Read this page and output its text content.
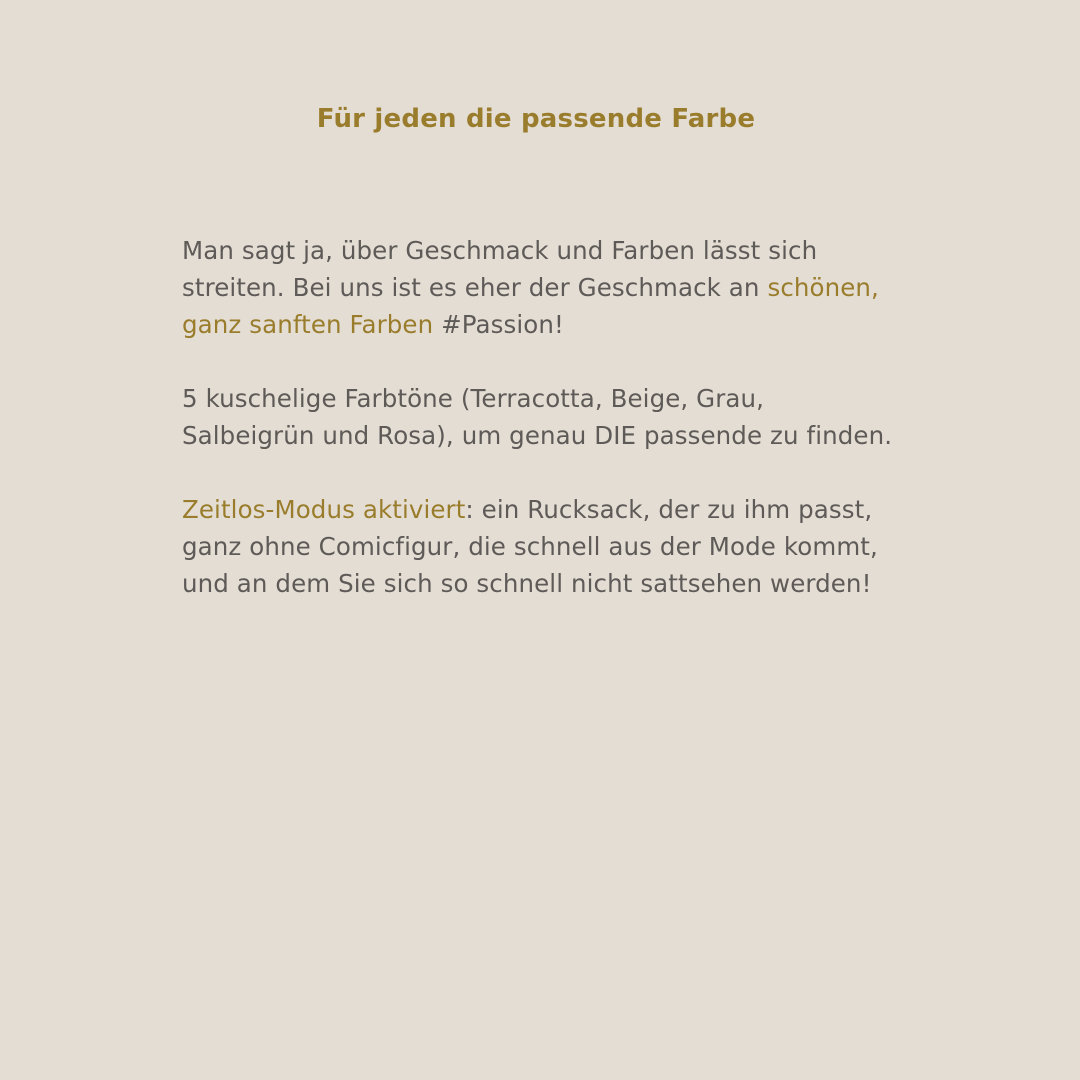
Für jeden die passende Farbe

Man sagt ja, über Geschmack und Farben lässt sich
streiten. Bei uns ist es eher der Geschmack an schönen,
ganz sanften Farben #Passion!

5 kuschelige Farbtöne (Terracotta, Beige, Grau,
Salbeigrün und Rosa), um genau DIE passende zu finden.

Zeitlos-Modus aktiviert: ein Rucksack, der zu ihm passt,
ganz ohne Comicfigur, die schnell aus der Mode kommt,
und an dem Sie sich so schnell nicht sattsehen werden!
